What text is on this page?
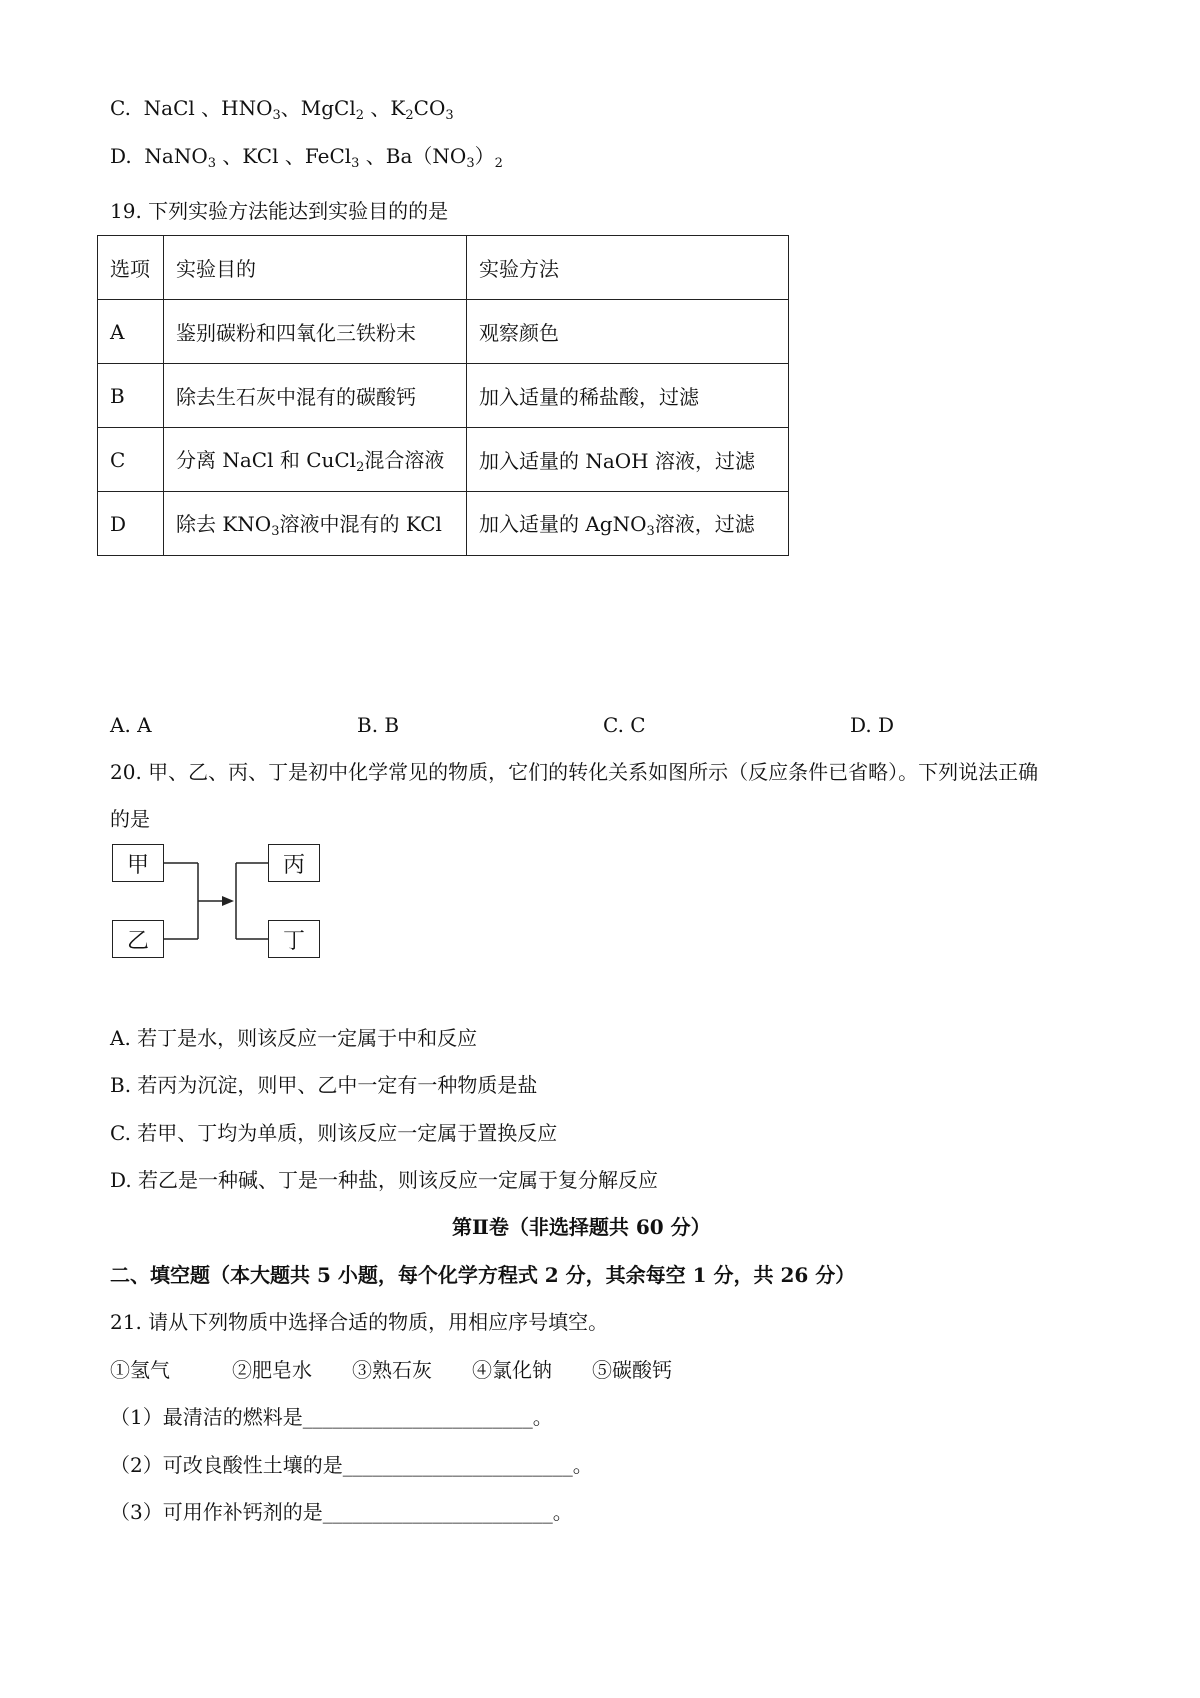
C. NaCl 、$HNO_3$、MgCl$_2$ 、$K_2CO_3$
D. NaNO$_3$ 、KCl 、FeCl$_3$ 、$Ba(NO_3)_2$
19. 下列实验方法能达到实验目的的是
选项	实验目的	实验方法
A	鉴别碳粉和四氧化三铁粉末	观察颜色
B	除去生石灰中混有的碳酸钙	加入适量的稀盐酸，过滤
C	分离 NaCl 和 CuCl$_2$混合溶液	加入适量的 NaOH 溶液，过滤
D	除去 $KNO_3$溶液中混有的 KCl	加入适量的 AgNO$_3$溶液，过滤
A. A	B. B	C. C	D. D
20. 甲、乙、丙、丁是初中化学常见的物质，它们的转化关系如图所示（反应条件已省略）。下列说法正确
的是
甲
乙
丙
丁
A. 若丁是水，则该反应一定属于中和反应
B. 若丙为沉淀，则甲、乙中一定有一种物质是盐
C. 若甲、丁均为单质，则该反应一定属于置换反应
D. 若乙是一种碱、丁是一种盐，则该反应一定属于复分解反应
第Ⅱ卷（非选择题共 60 分）
二、填空题（本大题共 5 小题，每个化学方程式 2 分，其余每空 1 分，共 26 分）
21. 请从下列物质中选择合适的物质，用相应序号填空。
①氢气	②肥皂水 ③熟石灰 ④氯化钠 ⑤碳酸钙
（1）最清洁的燃料是_______________________。
（2）可改良酸性土壤的是_______________________。
（3）可用作补钙剂的是_______________________。
